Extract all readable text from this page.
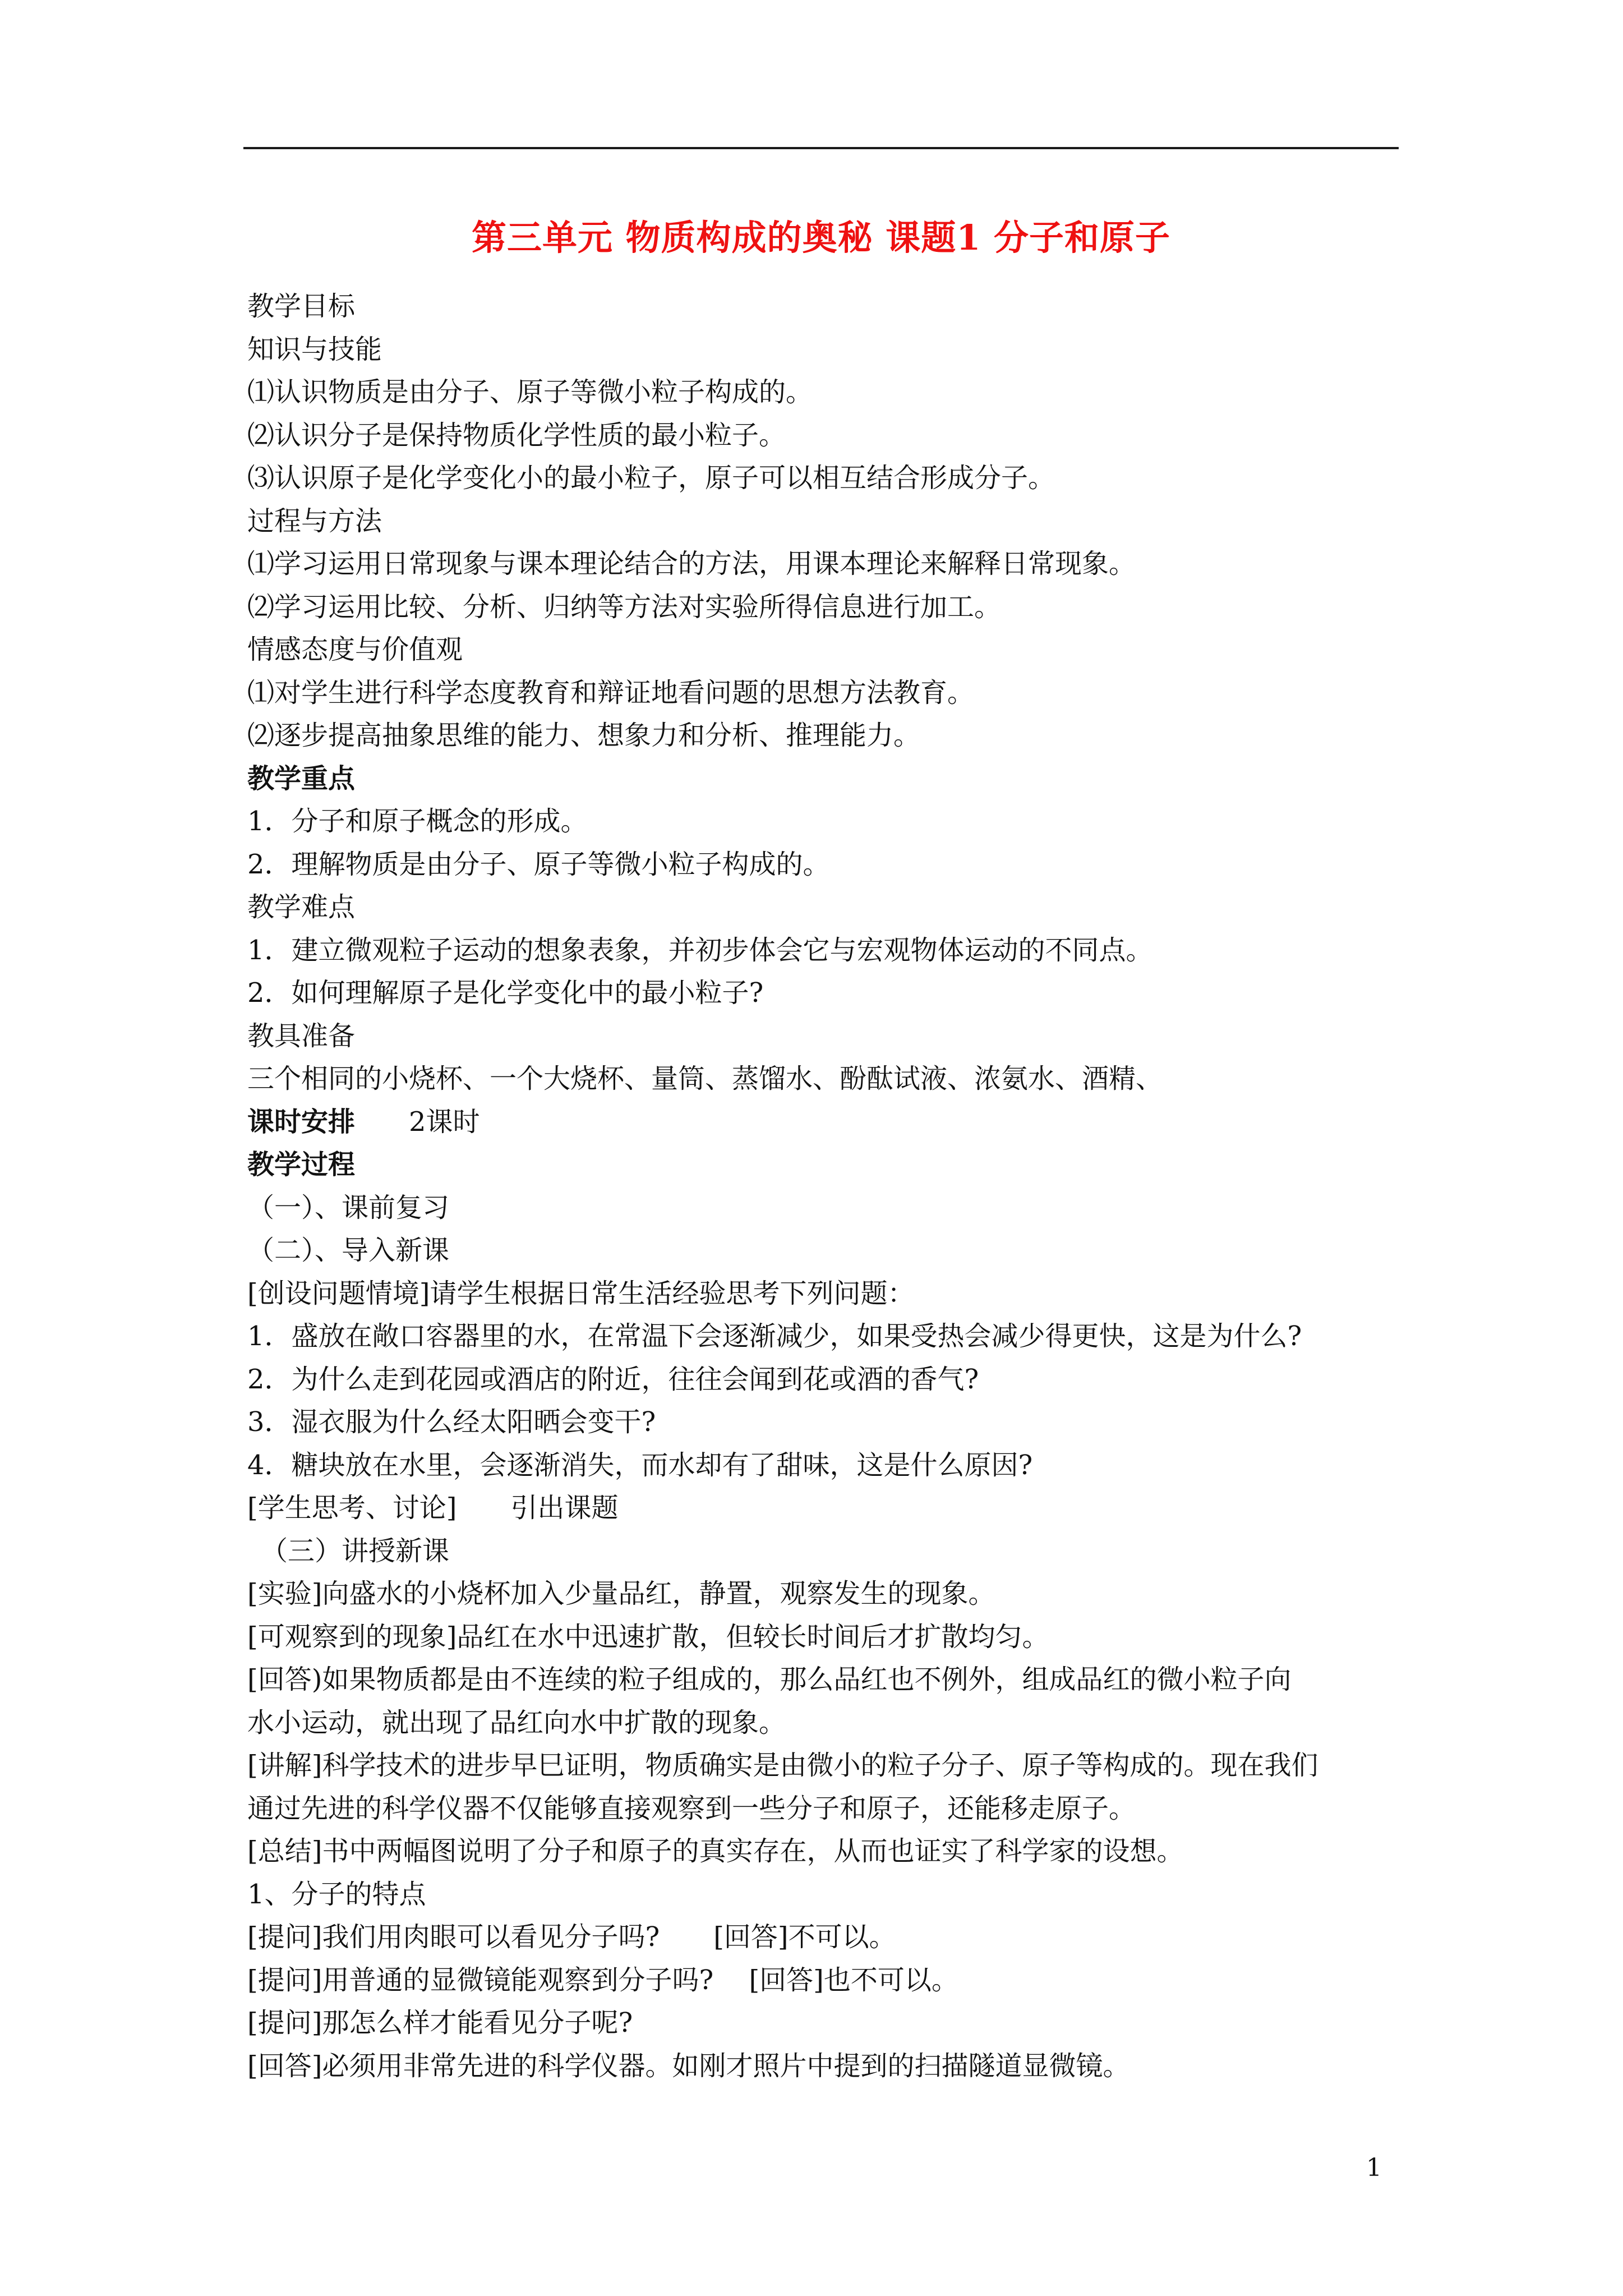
第三单元 物质构成的奥秘 课题1 分子和原子
教学目标
知识与技能
⑴认识物质是由分子、原子等微小粒子构成的。
⑵认识分子是保持物质化学性质的最小粒子。
⑶认识原子是化学变化小的最小粒子，原子可以相互结合形成分子。
过程与方法
⑴学习运用日常现象与课本理论结合的方法，用课本理论来解释日常现象。
⑵学习运用比较、分析、归纳等方法对实验所得信息进行加工。
情感态度与价值观
⑴对学生进行科学态度教育和辩证地看问题的思想方法教育。
⑵逐步提高抽象思维的能力、想象力和分析、推理能力。
教学重点
1．分子和原子概念的形成。
2．理解物质是由分子、原子等微小粒子构成的。
教学难点
1．建立微观粒子运动的想象表象，并初步体会它与宏观物体运动的不同点。
2．如何理解原子是化学变化中的最小粒子?
教具准备
三个相同的小烧杯、一个大烧杯、量筒、蒸馏水、酚酞试液、浓氨水、酒精、
课时安排 2课时
教学过程
（一）、课前复习
（二）、导入新课
[创设问题情境]请学生根据日常生活经验思考下列问题：
1．盛放在敞口容器里的水，在常温下会逐渐减少，如果受热会减少得更快，这是为什么?
2．为什么走到花园或酒店的附近，往往会闻到花或酒的香气?
3．湿衣服为什么经太阳晒会变干?
4．糖块放在水里，会逐渐消失，而水却有了甜味，这是什么原因?
[学生思考、讨论]　　引出课题
　（三）讲授新课
[实验]向盛水的小烧杯加入少量品红，静置，观察发生的现象。
[可观察到的现象]品红在水中迅速扩散，但较长时间后才扩散均匀。
[回答)如果物质都是由不连续的粒子组成的，那么品红也不例外，组成品红的微小粒子向
水小运动，就出现了品红向水中扩散的现象。
[讲解]科学技术的进步早巳证明，物质确实是由微小的粒子分子、原子等构成的。现在我们
通过先进的科学仪器不仅能够直接观察到一些分子和原子，还能移走原子。
[总结]书中两幅图说明了分子和原子的真实存在，从而也证实了科学家的设想。
1、分子的特点
[提问]我们用肉眼可以看见分子吗?　　[回答]不可以。
[提问]用普通的显微镜能观察到分子吗?　 [回答]也不可以。
[提问]那怎么样才能看见分子呢?
[回答]必须用非常先进的科学仪器。如刚才照片中提到的扫描隧道显微镜。
1
